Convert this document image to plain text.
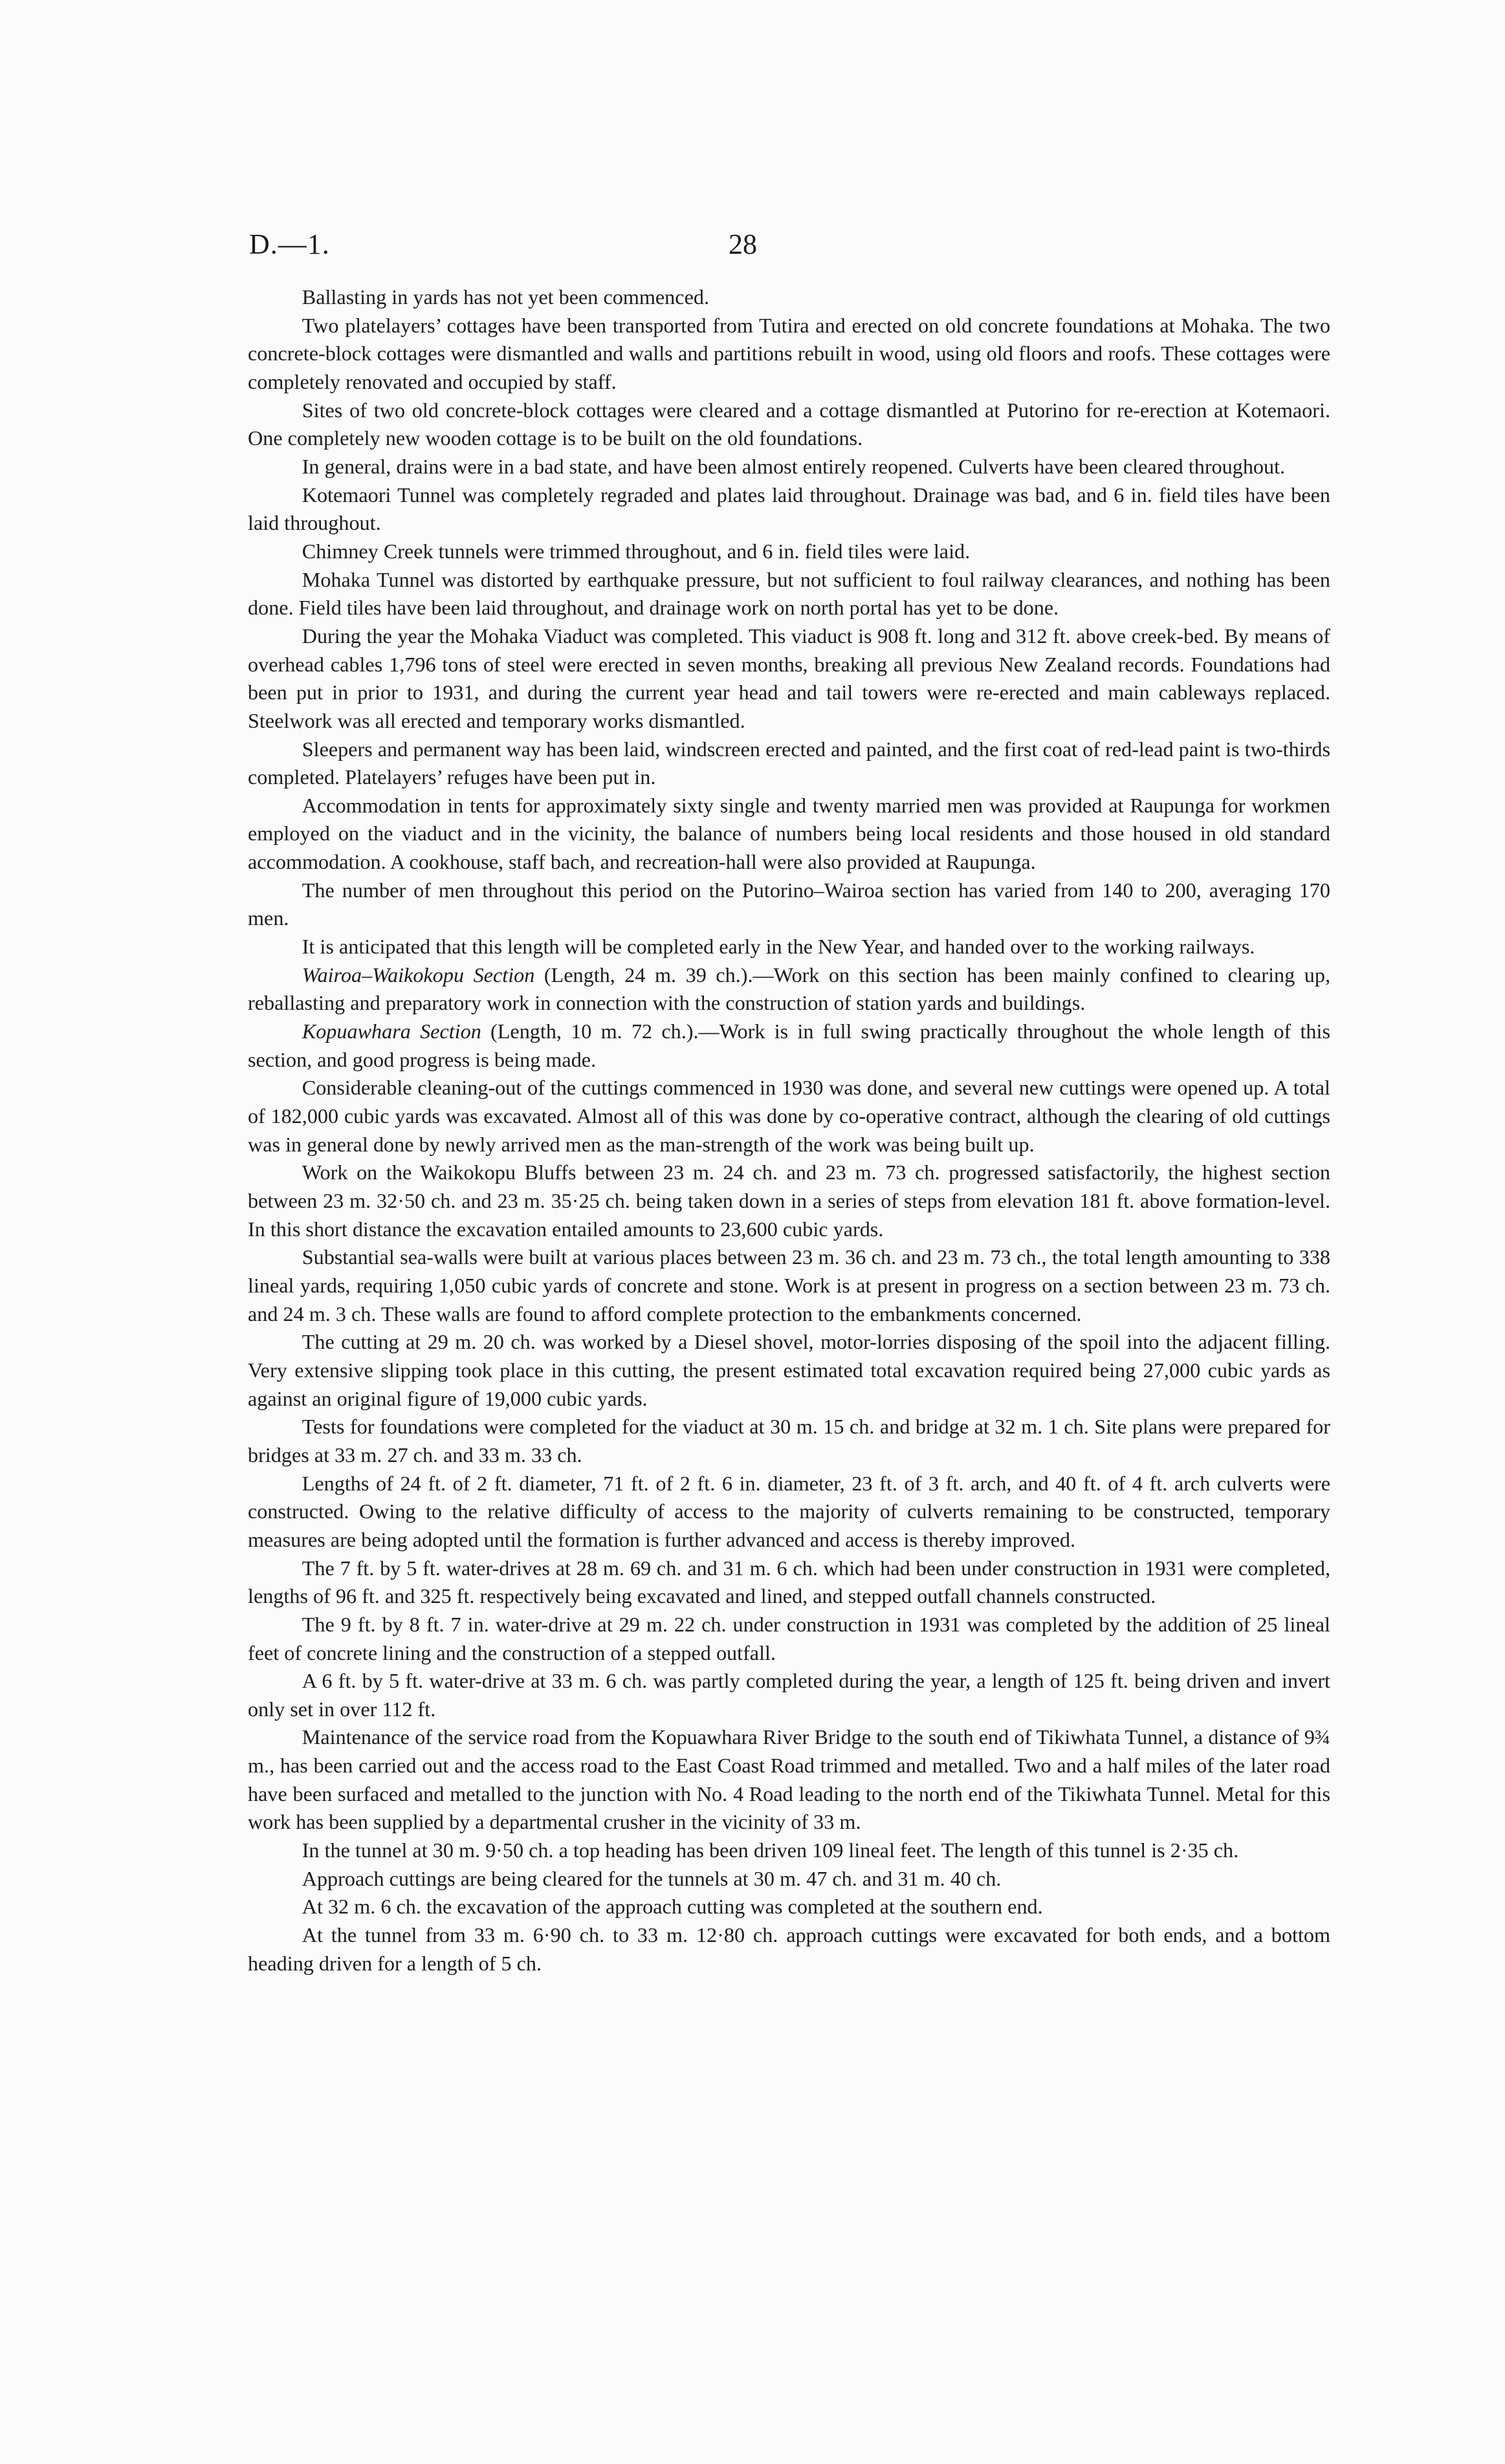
D.—1.	28

Ballasting in yards has not yet been commenced.

Two platelayers’ cottages have been transported from Tutira and erected on old concrete foundations at Mohaka. The two concrete-block cottages were dismantled and walls and partitions rebuilt in wood, using old floors and roofs. These cottages were completely renovated and occupied by staff.

Sites of two old concrete-block cottages were cleared and a cottage dismantled at Putorino for re-erection at Kotemaori. One completely new wooden cottage is to be built on the old foundations.

In general, drains were in a bad state, and have been almost entirely reopened. Culverts have been cleared throughout.

Kotemaori Tunnel was completely regraded and plates laid throughout. Drainage was bad, and 6 in. field tiles have been laid throughout.

Chimney Creek tunnels were trimmed throughout, and 6 in. field tiles were laid.

Mohaka Tunnel was distorted by earthquake pressure, but not sufficient to foul railway clearances, and nothing has been done. Field tiles have been laid throughout, and drainage work on north portal has yet to be done.

During the year the Mohaka Viaduct was completed. This viaduct is 908 ft. long and 312 ft. above creek-bed. By means of overhead cables 1,796 tons of steel were erected in seven months, breaking all previous New Zealand records. Foundations had been put in prior to 1931, and during the current year head and tail towers were re-erected and main cableways replaced. Steelwork was all erected and temporary works dismantled.

Sleepers and permanent way has been laid, windscreen erected and painted, and the first coat of red-lead paint is two-thirds completed. Platelayers’ refuges have been put in.

Accommodation in tents for approximately sixty single and twenty married men was provided at Raupunga for workmen employed on the viaduct and in the vicinity, the balance of numbers being local residents and those housed in old standard accommodation. A cookhouse, staff bach, and recreation-hall were also provided at Raupunga.

The number of men throughout this period on the Putorino–Wairoa section has varied from 140 to 200, averaging 170 men.

It is anticipated that this length will be completed early in the New Year, and handed over to the working railways.

Wairoa–Waikokopu Section (Length, 24 m. 39 ch.).—Work on this section has been mainly confined to clearing up, reballasting and preparatory work in connection with the construction of station yards and buildings.

Kopuawhara Section (Length, 10 m. 72 ch.).—Work is in full swing practically throughout the whole length of this section, and good progress is being made.

Considerable cleaning-out of the cuttings commenced in 1930 was done, and several new cuttings were opened up. A total of 182,000 cubic yards was excavated. Almost all of this was done by co-operative contract, although the clearing of old cuttings was in general done by newly arrived men as the man-strength of the work was being built up.

Work on the Waikokopu Bluffs between 23 m. 24 ch. and 23 m. 73 ch. progressed satisfactorily, the highest section between 23 m. 32·50 ch. and 23 m. 35·25 ch. being taken down in a series of steps from elevation 181 ft. above formation-level. In this short distance the excavation entailed amounts to 23,600 cubic yards.

Substantial sea-walls were built at various places between 23 m. 36 ch. and 23 m. 73 ch., the total length amounting to 338 lineal yards, requiring 1,050 cubic yards of concrete and stone. Work is at present in progress on a section between 23 m. 73 ch. and 24 m. 3 ch. These walls are found to afford complete protection to the embankments concerned.

The cutting at 29 m. 20 ch. was worked by a Diesel shovel, motor-lorries disposing of the spoil into the adjacent filling. Very extensive slipping took place in this cutting, the present estimated total excavation required being 27,000 cubic yards as against an original figure of 19,000 cubic yards.

Tests for foundations were completed for the viaduct at 30 m. 15 ch. and bridge at 32 m. 1 ch. Site plans were prepared for bridges at 33 m. 27 ch. and 33 m. 33 ch.

Lengths of 24 ft. of 2 ft. diameter, 71 ft. of 2 ft. 6 in. diameter, 23 ft. of 3 ft. arch, and 40 ft. of 4 ft. arch culverts were constructed. Owing to the relative difficulty of access to the majority of culverts remaining to be constructed, temporary measures are being adopted until the formation is further advanced and access is thereby improved.

The 7 ft. by 5 ft. water-drives at 28 m. 69 ch. and 31 m. 6 ch. which had been under construction in 1931 were completed, lengths of 96 ft. and 325 ft. respectively being excavated and lined, and stepped outfall channels constructed.

The 9 ft. by 8 ft. 7 in. water-drive at 29 m. 22 ch. under construction in 1931 was completed by the addition of 25 lineal feet of concrete lining and the construction of a stepped outfall.

A 6 ft. by 5 ft. water-drive at 33 m. 6 ch. was partly completed during the year, a length of 125 ft. being driven and invert only set in over 112 ft.

Maintenance of the service road from the Kopuawhara River Bridge to the south end of Tikiwhata Tunnel, a distance of 9¾ m., has been carried out and the access road to the East Coast Road trimmed and metalled. Two and a half miles of the later road have been surfaced and metalled to the junction with No. 4 Road leading to the north end of the Tikiwhata Tunnel. Metal for this work has been supplied by a departmental crusher in the vicinity of 33 m.

In the tunnel at 30 m. 9·50 ch. a top heading has been driven 109 lineal feet. The length of this tunnel is 2·35 ch.

Approach cuttings are being cleared for the tunnels at 30 m. 47 ch. and 31 m. 40 ch.

At 32 m. 6 ch. the excavation of the approach cutting was completed at the southern end.

At the tunnel from 33 m. 6·90 ch. to 33 m. 12·80 ch. approach cuttings were excavated for both ends, and a bottom heading driven for a length of 5 ch.
